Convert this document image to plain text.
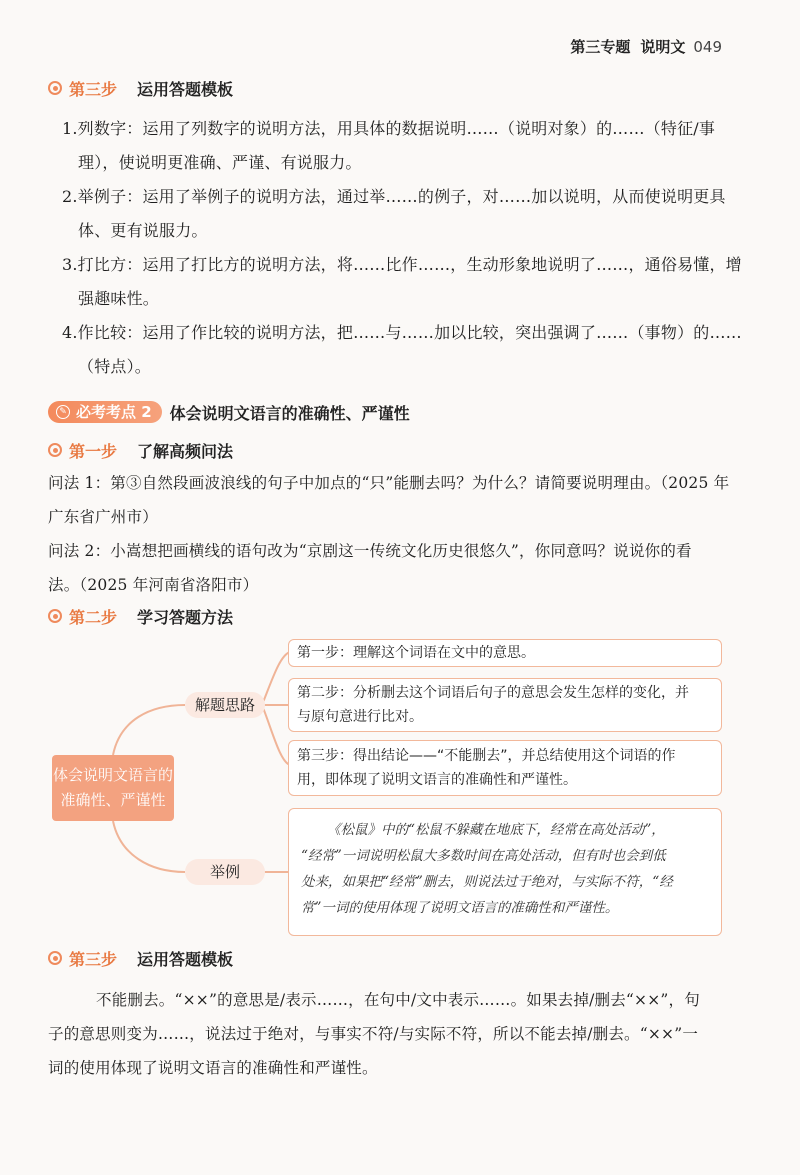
第三专题 说明文 049
第三步 运用答题模板
1.列数字：运用了列数字的说明方法，用具体的数据说明……（说明对象）的……（特征/事
理），使说明更准确、严谨、有说服力。
2.举例子：运用了举例子的说明方法，通过举……的例子，对……加以说明，从而使说明更具
体、更有说服力。
3.打比方：运用了打比方的说明方法，将……比作……，生动形象地说明了……，通俗易懂，增
强趣味性。
4.作比较：运用了作比较的说明方法，把……与……加以比较，突出强调了……（事物）的……
（特点）。
✎ 必考考点 2 体会说明文语言的准确性、严谨性
第一步 了解高频问法
问法 1：第③自然段画波浪线的句子中加点的“只”能删去吗？为什么？请简要说明理由。（2025 年
广东省广州市）
问法 2：小嵩想把画横线的语句改为“京剧这一传统文化历史很悠久”，你同意吗？说说你的看
法。（2025 年河南省洛阳市）
第二步 学习答题方法
体会说明文语言的
准确性、严谨性
解题思路
举例
第一步：理解这个词语在文中的意思。
第二步：分析删去这个词语后句子的意思会发生怎样的变化，并
与原句意进行比对。
第三步：得出结论——“不能删去”，并总结使用这个词语的作
用，即体现了说明文语言的准确性和严谨性。
《松鼠》中的“松鼠不躲藏在地底下，经常在高处活动”，
“经常”一词说明松鼠大多数时间在高处活动，但有时也会到低
处来，如果把“经常”删去，则说法过于绝对，与实际不符，“经
常”一词的使用体现了说明文语言的准确性和严谨性。
第三步 运用答题模板
不能删去。“××”的意思是/表示……，在句中/文中表示……。如果去掉/删去“××”，句
子的意思则变为……，说法过于绝对，与事实不符/与实际不符，所以不能去掉/删去。“××”一
词的使用体现了说明文语言的准确性和严谨性。
